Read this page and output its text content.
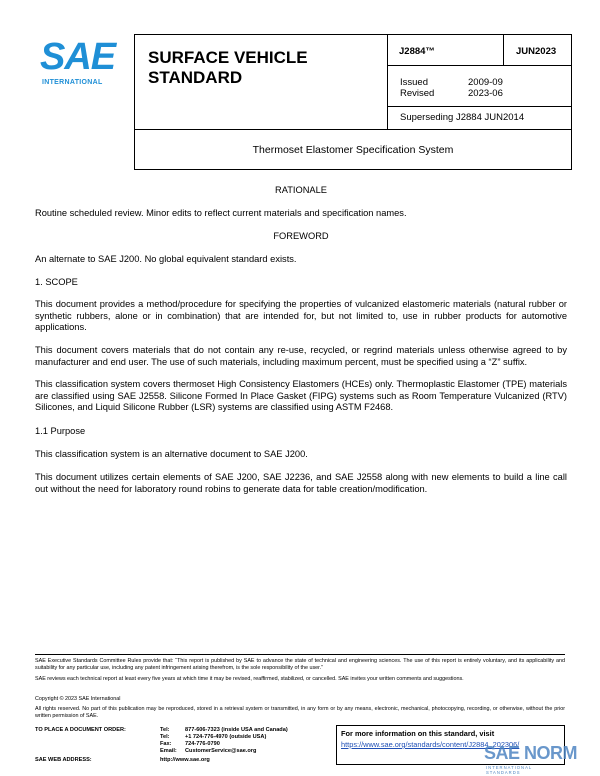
SAE
INTERNATIONAL
SURFACE VEHICLE
STANDARD
J2884™	JUN2023
Issued	2009-09
Revised	2023-06
Superseding J2884 JUN2014
Thermoset Elastomer Specification System
RATIONALE
Routine scheduled review. Minor edits to reflect current materials and specification names.
FOREWORD
An alternate to SAE J200. No global equivalent standard exists.
1. SCOPE
This document provides a method/procedure for specifying the properties of vulcanized elastomeric materials (natural rubber or synthetic rubbers, alone or in combination) that are intended for, but not limited to, use in rubber products for automotive applications.
This document covers materials that do not contain any re-use, recycled, or regrind materials unless otherwise agreed to by manufacturer and end user. The use of such materials, including maximum percent, must be specified using a “Z” suffix.
This classification system covers thermoset High Consistency Elastomers (HCEs) only. Thermoplastic Elastomer (TPE) materials are classified using SAE J2558. Silicone Formed In Place Gasket (FIPG) systems such as Room Temperature Vulcanized (RTV) Silicones, and Liquid Silicone Rubber (LSR) systems are classified using ASTM F2468.
1.1 Purpose
This classification system is an alternative document to SAE J200.
This document utilizes certain elements of SAE J200, SAE J2236, and SAE J2558 along with new elements to build a line call out without the need for laboratory round robins to generate data for table creation/modification.
SAE Executive Standards Committee Rules provide that: “This report is published by SAE to advance the state of technical and engineering sciences. The use of this report is entirely voluntary, and its applicability and suitability for any particular use, including any patent infringement arising therefrom, is the sole responsibility of the user.”
SAE reviews each technical report at least every five years at which time it may be revised, reaffirmed, stabilized, or cancelled. SAE invites your written comments and suggestions.
Copyright © 2023 SAE International
All rights reserved. No part of this publication may be reproduced, stored in a retrieval system or transmitted, in any form or by any means, electronic, mechanical, photocopying, recording, or otherwise, without the prior written permission of SAE.
TO PLACE A DOCUMENT ORDER:	Tel:	877-606-7323 (inside USA and Canada)
Tel:	+1 724-776-4970 (outside USA)
Fax: 724-776-0790
Email: CustomerService@sae.org
SAE WEB ADDRESS:	http://www.sae.org
For more information on this standard, visit
https://www.sae.org/standards/content/J2884_202306/
SAE NORM
INTERNATIONAL              STANDARDS
